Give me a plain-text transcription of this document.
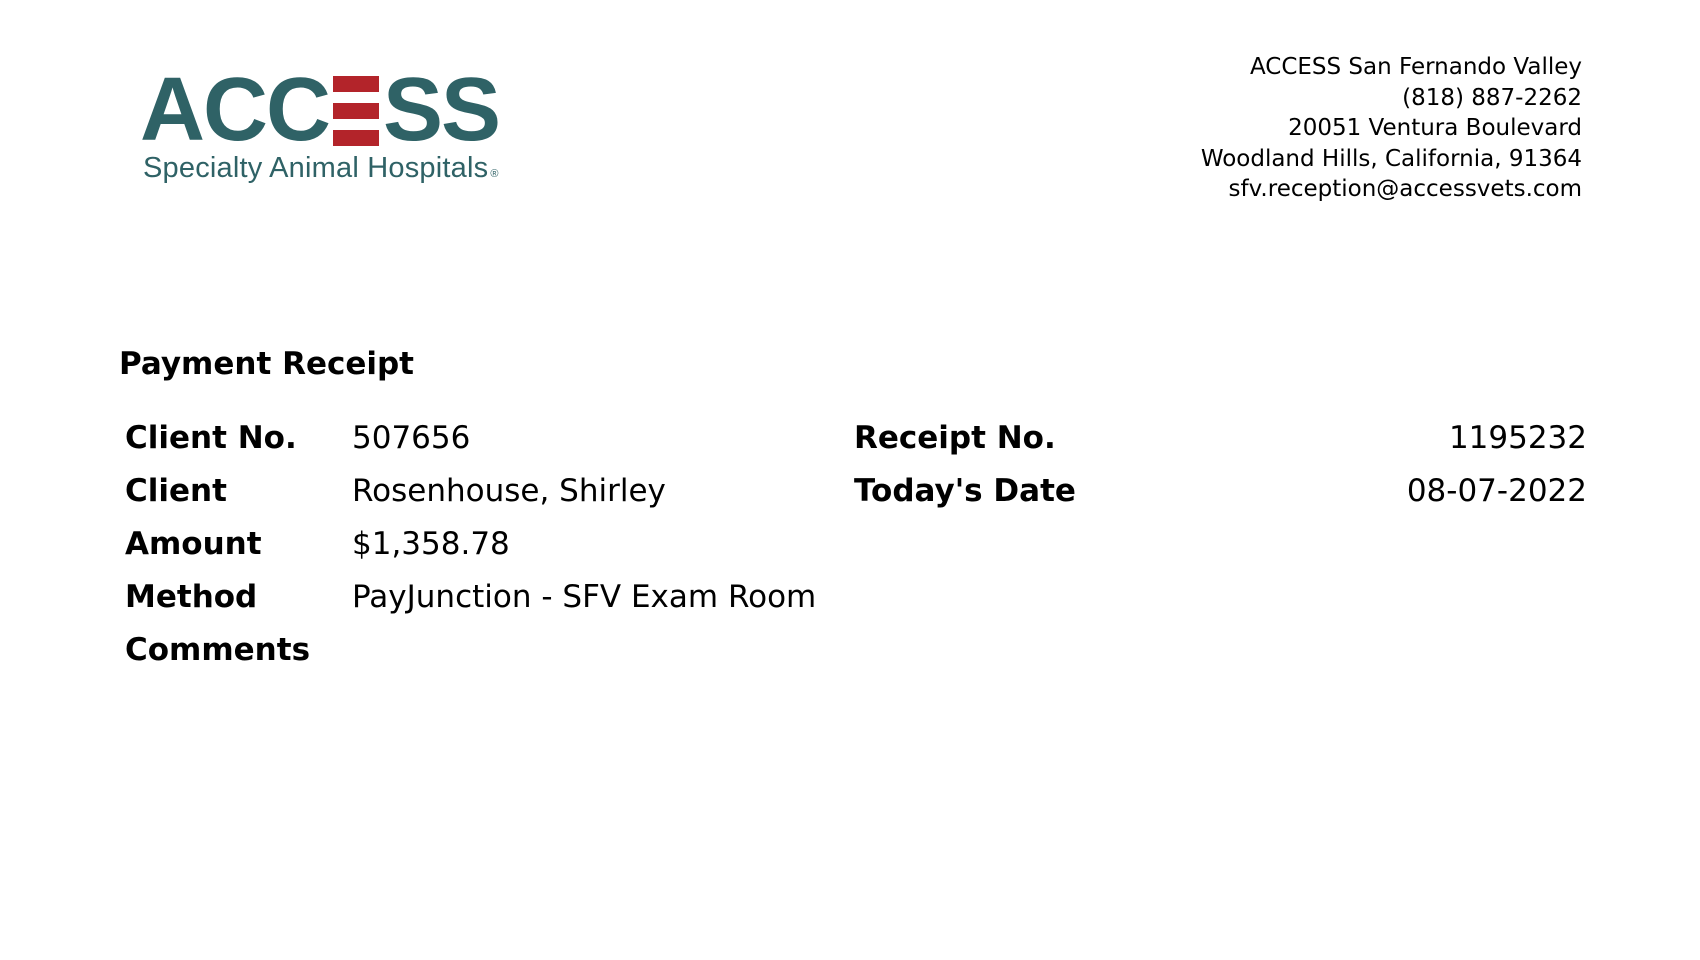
ACC SS
Specialty Animal Hospitals ®
ACCESS San Fernando Valley
(818) 887-2262
20051 Ventura Boulevard
Woodland Hills, California, 91364
sfv.reception@accessvets.com
Payment Receipt
Client No. 507656
Client	Rosenhouse, Shirley
Amount	$1,358.78
Method	PayJunction - SFV Exam Room
Comments
Receipt No.	1195232
Today's Date	08-07-2022
